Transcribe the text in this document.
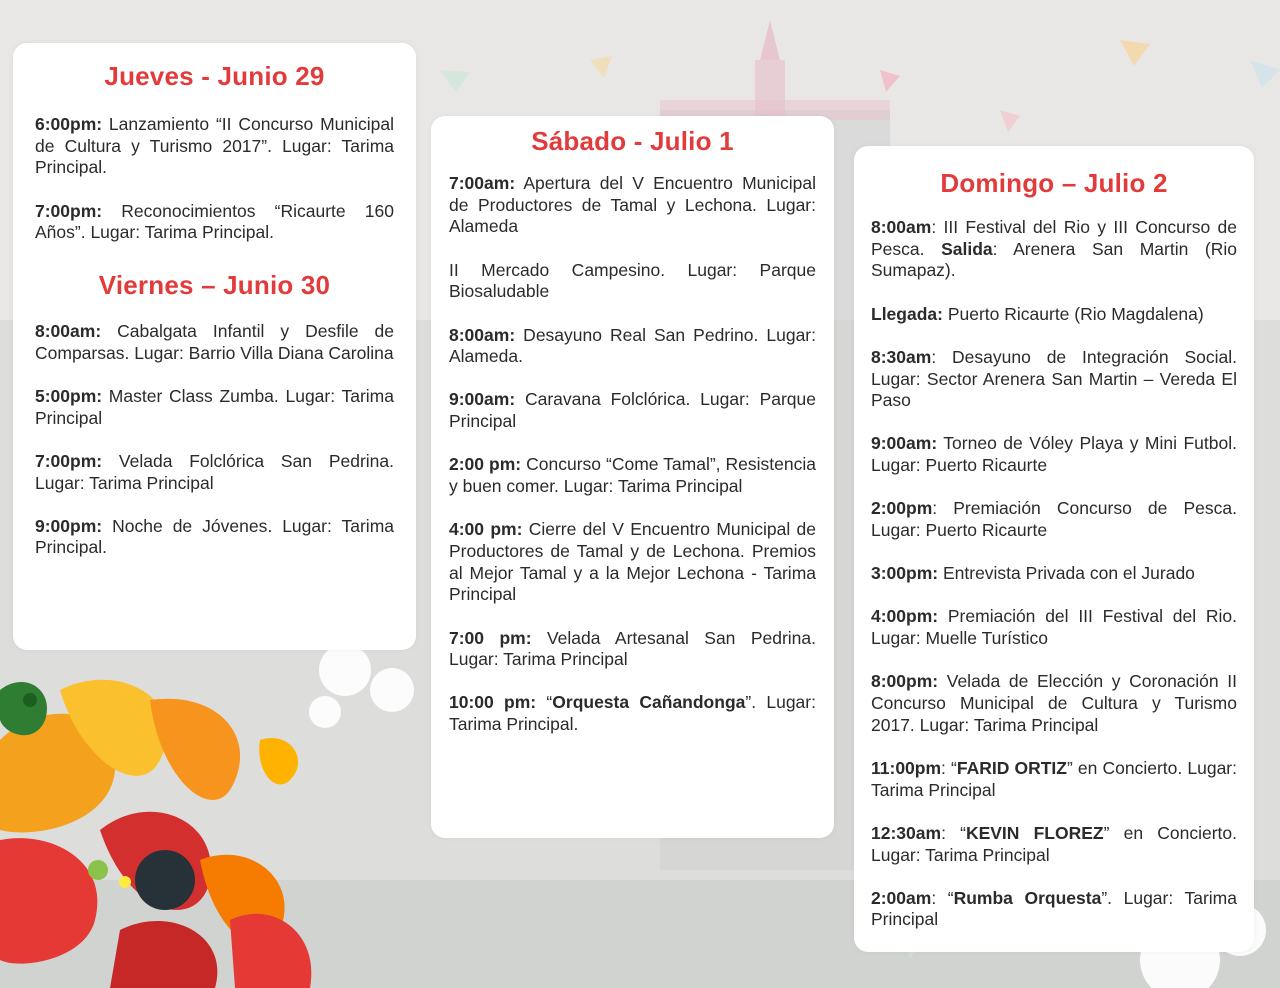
Jueves - Junio 29

6:00pm: Lanzamiento “II Concurso Municipal de Cultura y Turismo 2017”. Lugar: Tarima Principal.

7:00pm: Reconocimientos “Ricaurte 160 Años”. Lugar: Tarima Principal.

Viernes – Junio 30

8:00am: Cabalgata Infantil y Desfile de Comparsas. Lugar: Barrio Villa Diana Carolina

5:00pm: Master Class Zumba. Lugar: Tarima Principal

7:00pm: Velada Folclórica San Pedrina. Lugar: Tarima Principal

9:00pm: Noche de Jóvenes. Lugar: Tarima Principal.

Sábado - Julio 1

7:00am: Apertura del V Encuentro Municipal de Productores de Tamal y Lechona. Lugar: Alameda

II Mercado Campesino. Lugar: Parque Biosaludable

8:00am: Desayuno Real San Pedrino. Lugar: Alameda.

9:00am: Caravana Folclórica. Lugar: Parque Principal

2:00 pm: Concurso “Come Tamal”, Resistencia y buen comer. Lugar: Tarima Principal

4:00 pm: Cierre del V Encuentro Municipal de Productores de Tamal y de Lechona. Premios al Mejor Tamal y a la Mejor Lechona - Tarima Principal

7:00 pm: Velada Artesanal San Pedrina. Lugar: Tarima Principal

10:00 pm: “Orquesta Cañandonga”. Lugar: Tarima Principal.

Domingo – Julio 2

8:00am: III Festival del Rio y III Concurso de Pesca. Salida: Arenera San Martin (Rio Sumapaz).

Llegada: Puerto Ricaurte (Rio Magdalena)

8:30am: Desayuno de Integración Social. Lugar: Sector Arenera San Martin – Vereda El Paso

9:00am: Torneo de Vóley Playa y Mini Futbol. Lugar: Puerto Ricaurte

2:00pm: Premiación Concurso de Pesca. Lugar: Puerto Ricaurte

3:00pm: Entrevista Privada con el Jurado

4:00pm: Premiación del III Festival del Rio. Lugar: Muelle Turístico

8:00pm: Velada de Elección y Coronación II Concurso Municipal de Cultura y Turismo 2017. Lugar: Tarima Principal

11:00pm: “FARID ORTIZ” en Concierto. Lugar: Tarima Principal

12:30am: “KEVIN FLOREZ” en Concierto. Lugar: Tarima Principal

2:00am: “Rumba Orquesta”. Lugar: Tarima Principal
